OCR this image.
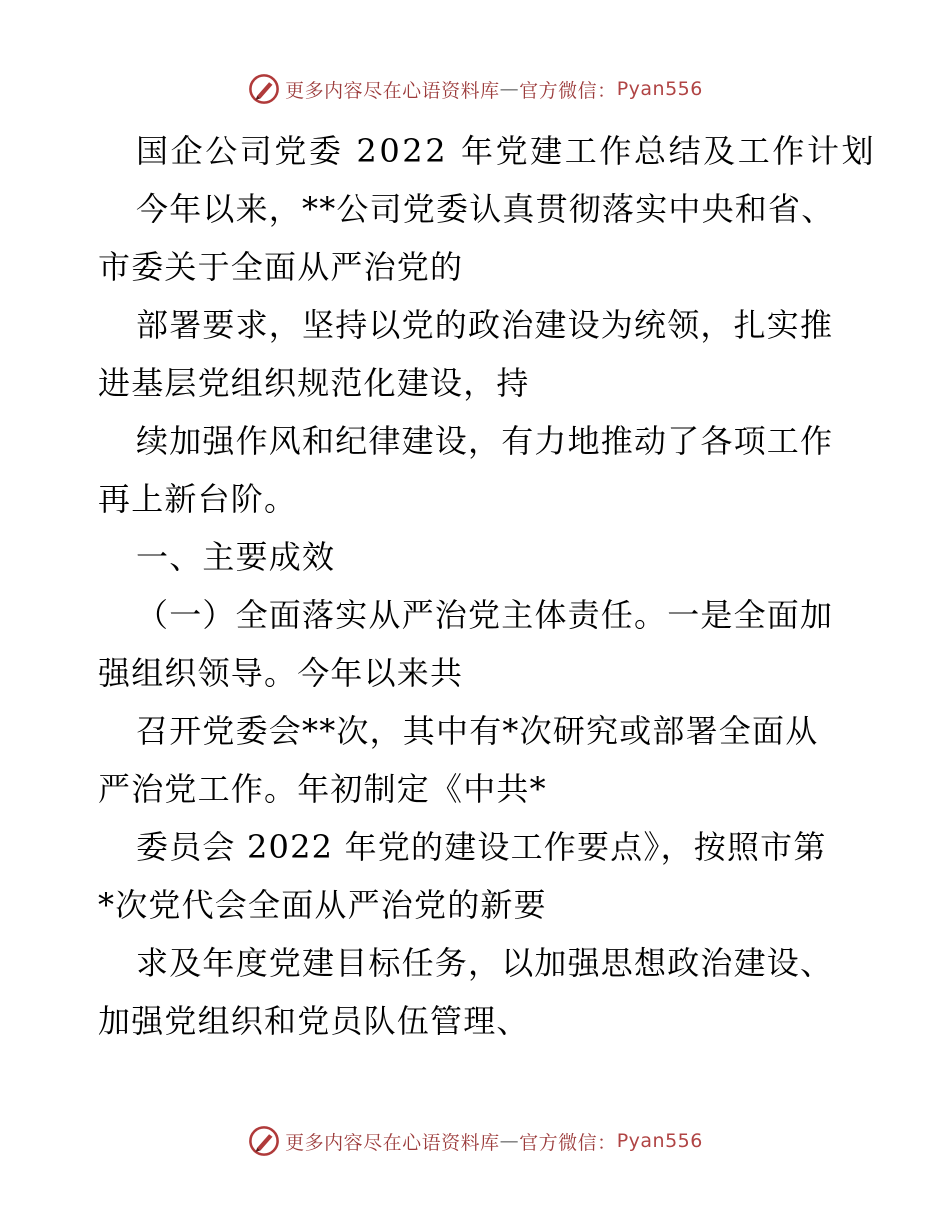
更多内容尽在心语资料库 — 官方微信： Pyan556
国企公司党委 2022 年党建工作总结及工作计划
今年以来，**公司党委认真贯彻落实中央和省、
市委关于全面从严治党的
部署要求，坚持以党的政治建设为统领，扎实推
进基层党组织规范化建设，持
续加强作风和纪律建设，有力地推动了各项工作
再上新台阶。
一、主要成效
（一）全面落实从严治党主体责任。一是全面加
强组织领导。今年以来共
召开党委会**次，其中有*次研究或部署全面从
严治党工作。年初制定《中共*
委员会 2022 年党的建设工作要点》，按照市第
*次党代会全面从严治党的新要
求及年度党建目标任务，以加强思想政治建设、
加强党组织和党员队伍管理、
更多内容尽在心语资料库 — 官方微信： Pyan556
